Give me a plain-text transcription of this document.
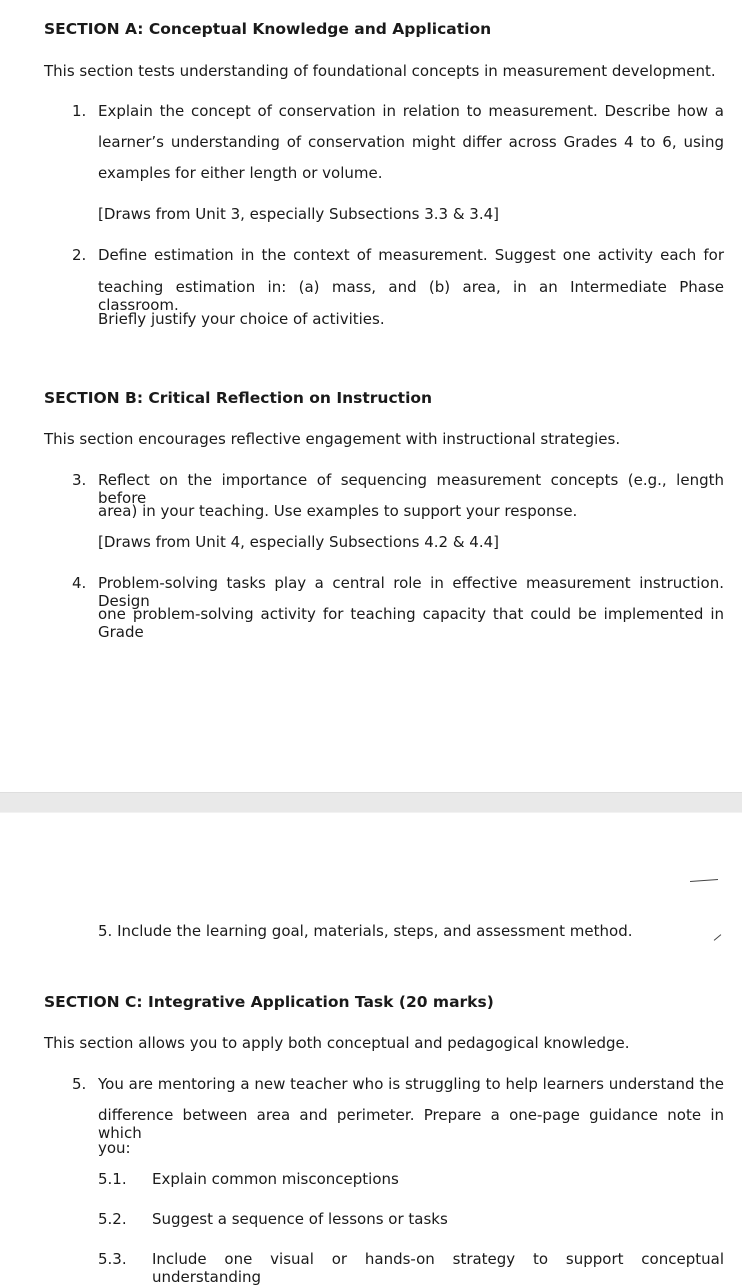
SECTION A: Conceptual Knowledge and Application
This section tests understanding of foundational concepts in measurement development.
1. Explain the concept of conservation in relation to measurement. Describe how a
learner’s understanding of conservation might differ across Grades 4 to 6, using
examples for either length or volume.
[Draws from Unit 3, especially Subsections 3.3 & 3.4]
2. Define estimation in the context of measurement. Suggest one activity each for
teaching estimation in: (a) mass, and (b) area, in an Intermediate Phase classroom.
Briefly justify your choice of activities.
SECTION B: Critical Reflection on Instruction
This section encourages reflective engagement with instructional strategies.
3. Reflect on the importance of sequencing measurement concepts (e.g., length before
area) in your teaching. Use examples to support your response.
[Draws from Unit 4, especially Subsections 4.2 & 4.4]
4. Problem-solving tasks play a central role in effective measurement instruction. Design
one problem-solving activity for teaching capacity that could be implemented in Grade
5. Include the learning goal, materials, steps, and assessment method.
SECTION C: Integrative Application Task (20 marks)
This section allows you to apply both conceptual and pedagogical knowledge.
5. You are mentoring a new teacher who is struggling to help learners understand the
difference between area and perimeter. Prepare a one-page guidance note in which
you:
5.1. Explain common misconceptions
5.2. Suggest a sequence of lessons or tasks
5.3. Include one visual or hands-on strategy to support conceptual understanding
